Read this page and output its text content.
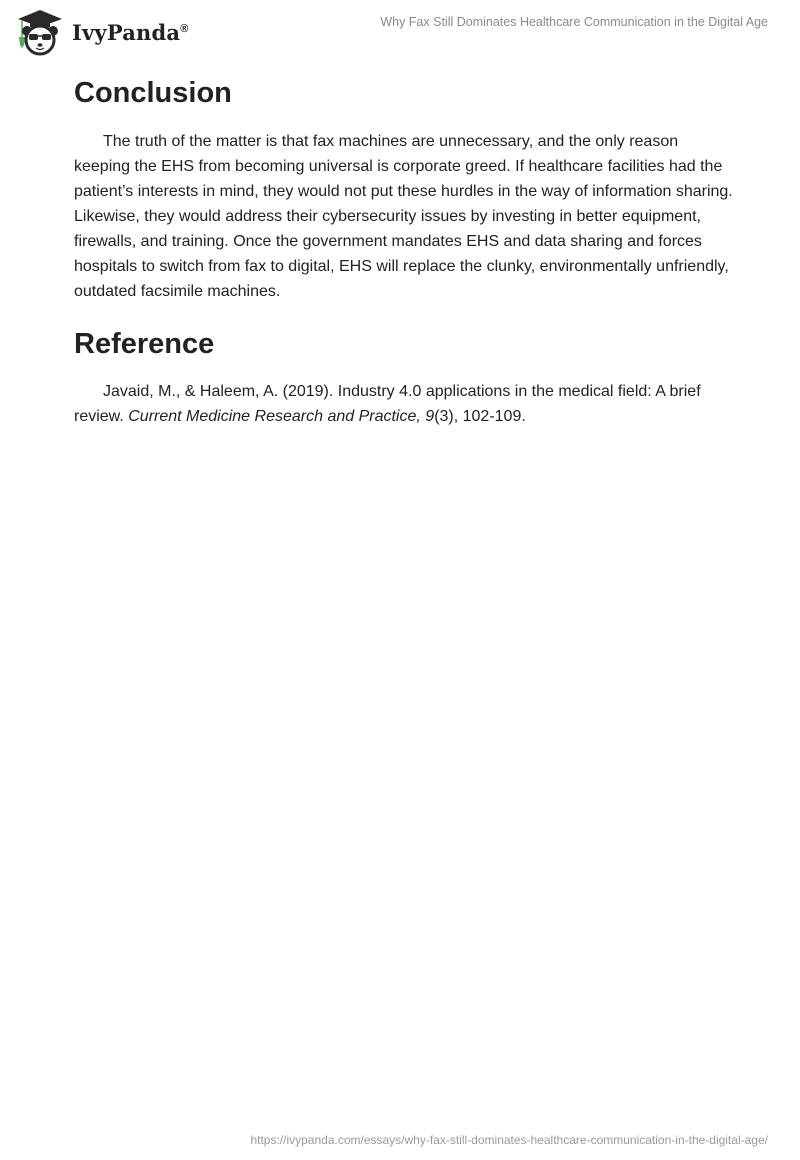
IvyPanda®	Why Fax Still Dominates Healthcare Communication in the Digital Age
Conclusion

The truth of the matter is that fax machines are unnecessary, and the only reason keeping the EHS from becoming universal is corporate greed. If healthcare facilities had the patient’s interests in mind, they would not put these hurdles in the way of information sharing. Likewise, they would address their cybersecurity issues by investing in better equipment, firewalls, and training. Once the government mandates EHS and data sharing and forces hospitals to switch from fax to digital, EHS will replace the clunky, environmentally unfriendly, outdated facsimile machines.

Reference

Javaid, M., & Haleem, A. (2019). Industry 4.0 applications in the medical field: A brief review. Current Medicine Research and Practice, 9(3), 102-109.

https://ivypanda.com/essays/why-fax-still-dominates-healthcare-communication-in-the-digital-age/
